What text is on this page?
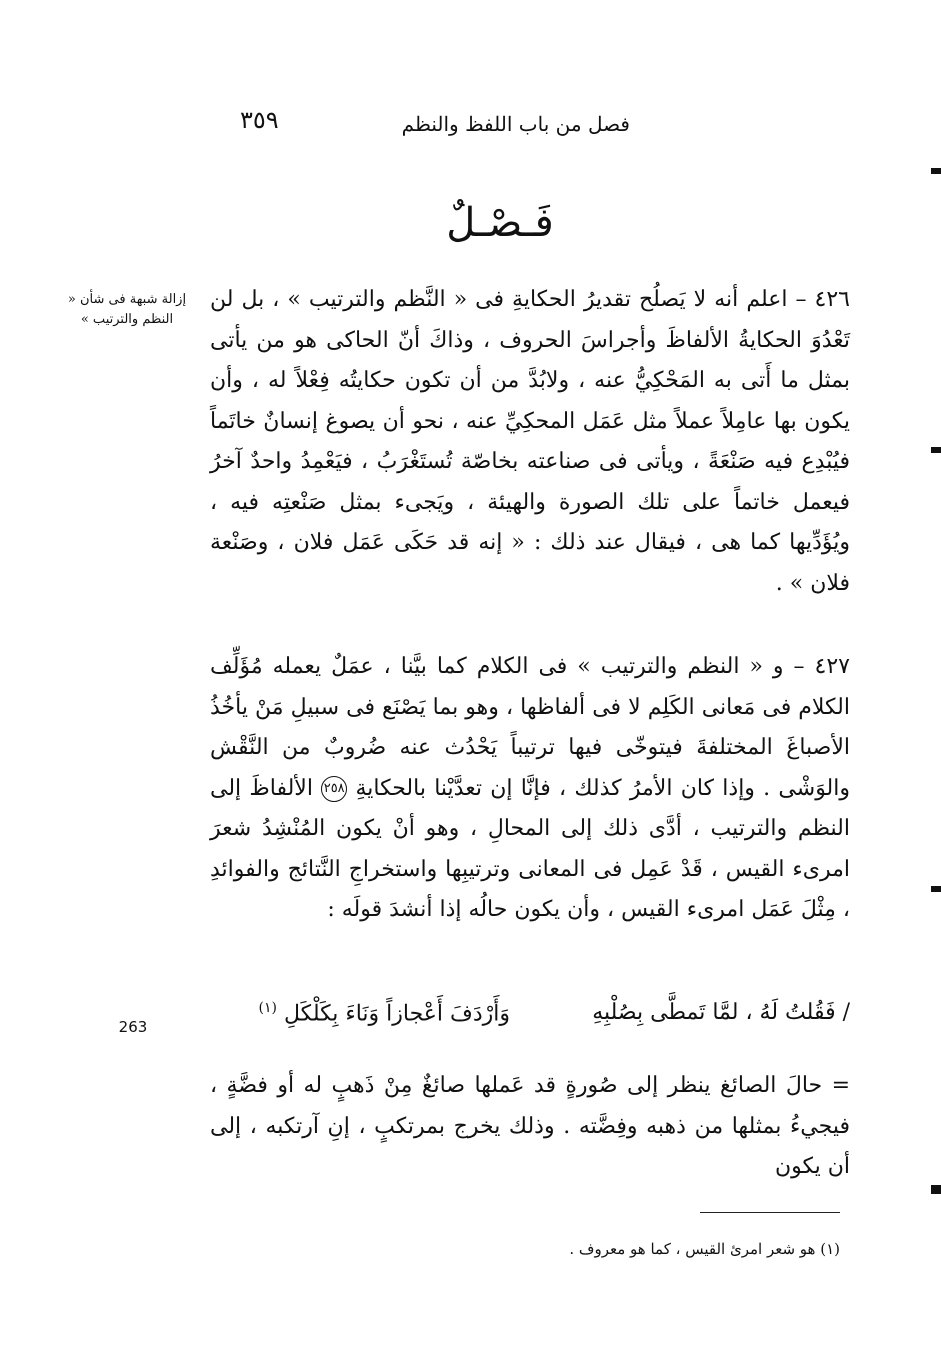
فصل من باب اللفظ والنظم
٣٥٩
فَـصْـلٌ
إزالة شبهة فى شأن « النظم والترتيب »

٤٢٦ – اعلم أنه لا يَصلُح تقديرُ الحكايةِ فى « النَّظم والترتيب » ، بل لن تَعْدُوَ الحكايةُ الألفاظَ وأجراسَ الحروف ، وذاكَ أنّ الحاكى هو من يأتى بمثل ما أَتى به المَحْكِيُّ عنه ، ولابُدَّ من أن تكون حكايتُه فِعْلاً له ، وأن يكون بها عامِلاً عملاً مثل عَمَل المحكِيِّ عنه ، نحو أن يصوغ إنسانٌ خاتَماً فيُبْدِع فيه صَنْعَةً ، ويأتى فى صناعته بخاصّة تُستَغْرَبُ ، فيَعْمِدُ واحدٌ آخرُ فيعمل خاتماً على تلك الصورة والهيئة ، ويَجىء بمثل صَنْعتِه فيه ، ويُؤَدِّيها كما هى ، فيقال عند ذلك : « إنه قد حَكَى عَمَل فلان ، وصَنْعة فلان » .

٤٢٧ – و « النظم والترتيب » فى الكلام كما بيَّنا ، عمَلٌ يعمله مُؤَلِّف الكلام فى مَعانى الكَلِم لا فى ألفاظها ، وهو بما يَصْنَع فى سبيلِ مَنْ يأخُذُ الأصباغَ المختلفةَ فيتوخّى فيها ترتيباً يَحْدُث عنه ضُروبٌ من النَّقْش والوَشْى . وإذا كان الأمرُ كذلك ، فإنَّا إن تعدَّيْنا بالحكايةِ ٢٥٨ الألفاظَ إلى النظم والترتيب ، أدَّى ذلك إلى المحالِ ، وهو أنْ يكون المُنْشِدُ شعرَ امرىء القيس ، قَدْ عَمِل فى المعانى وترتيبِها واستخراجِ النَّتائج والفوائدِ ، مِثْلَ عَمَل امرىء القيس ، وأن يكون حالُه إذا أنشدَ قولَه :

/ فَقُلتُ لَهُ ، لمَّا تَمطَّى بِصُلْبِهِ
وَأَرْدَفَ أَعْجازاً وَنَاءَ بِكَلْكَلِ $^{(١)}$
263

= حالَ الصائغ ينظر إلى صُورةٍ قد عَملها صائغٌ مِنْ ذَهبٍ له أو فضَّةٍ ، فيجيءُ بمثلها من ذهبه وفِضَّته . وذلك يخرج بمرتكبٍ ، إنِ آرتكبه ، إلى أن يكون

(١) هو شعر امرئ القيس ، كما هو معروف .
